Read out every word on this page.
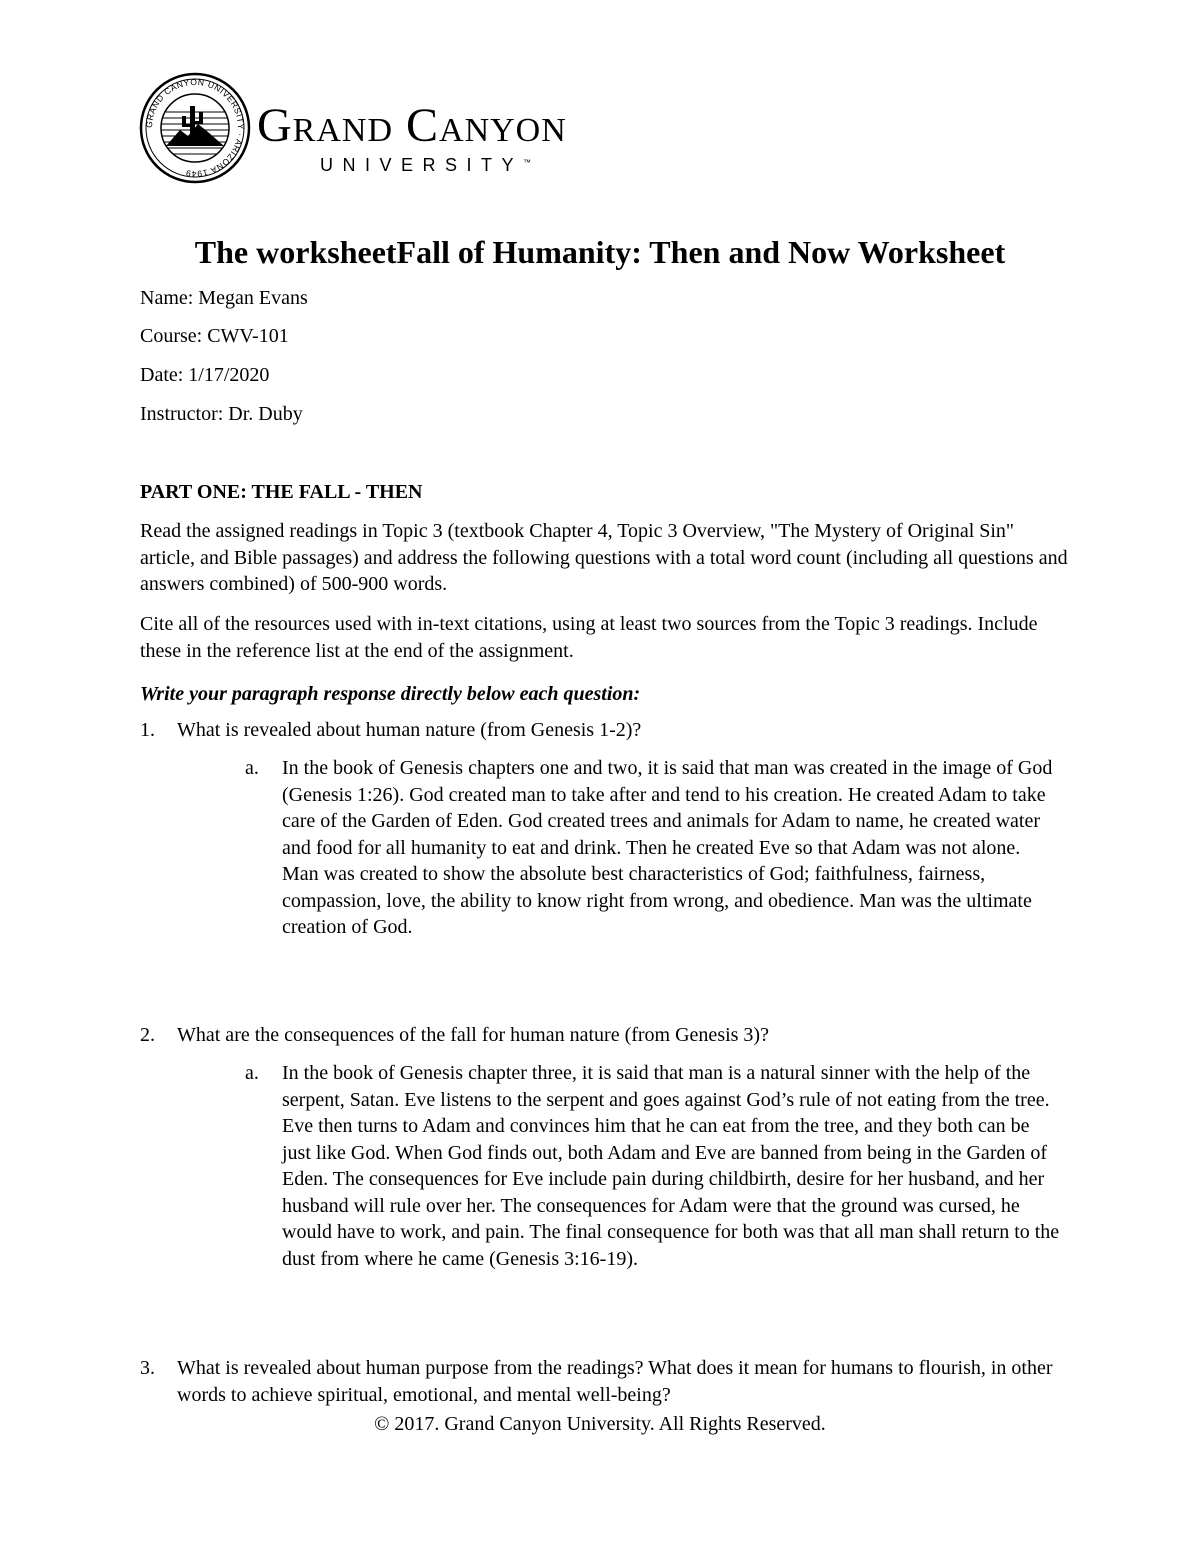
GRAND CANYON UNIVERSITY · ARIZONA 1949
Grand Canyon
UNIVERSITY™
The worksheetFall of Humanity: Then and Now Worksheet
Name: Megan Evans
Course: CWV-101
Date: 1/17/2020
Instructor: Dr. Duby
PART ONE: THE FALL - THEN

Read the assigned readings in Topic 3 (textbook Chapter 4, Topic 3 Overview, "The Mystery of Original Sin" article, and Bible passages) and address the following questions with a total word count (including all questions and answers combined) of 500-900 words.

Cite all of the resources used with in-text citations, using at least two sources from the Topic 3 readings. Include these in the reference list at the end of the assignment.

Write your paragraph response directly below each question:

1. What is revealed about human nature (from Genesis 1-2)?
a. In the book of Genesis chapters one and two, it is said that man was created in the image of God (Genesis 1:26). God created man to take after and tend to his creation. He created Adam to take care of the Garden of Eden. God created trees and animals for Adam to name, he created water and food for all humanity to eat and drink. Then he created Eve so that Adam was not alone. Man was created to show the absolute best characteristics of God; faithfulness, fairness, compassion, love, the ability to know right from wrong, and obedience. Man was the ultimate creation of God.
2. What are the consequences of the fall for human nature (from Genesis 3)?
a. In the book of Genesis chapter three, it is said that man is a natural sinner with the help of the serpent, Satan. Eve listens to the serpent and goes against God’s rule of not eating from the tree. Eve then turns to Adam and convinces him that he can eat from the tree, and they both can be just like God. When God finds out, both Adam and Eve are banned from being in the Garden of Eden. The consequences for Eve include pain during childbirth, desire for her husband, and her husband will rule over her. The consequences for Adam were that the ground was cursed, he would have to work, and pain. The final consequence for both was that all man shall return to the dust from where he came (Genesis 3:16-19).
3. What is revealed about human purpose from the readings? What does it mean for humans to flourish, in other words to achieve spiritual, emotional, and mental well-being?
© 2017. Grand Canyon University. All Rights Reserved.
